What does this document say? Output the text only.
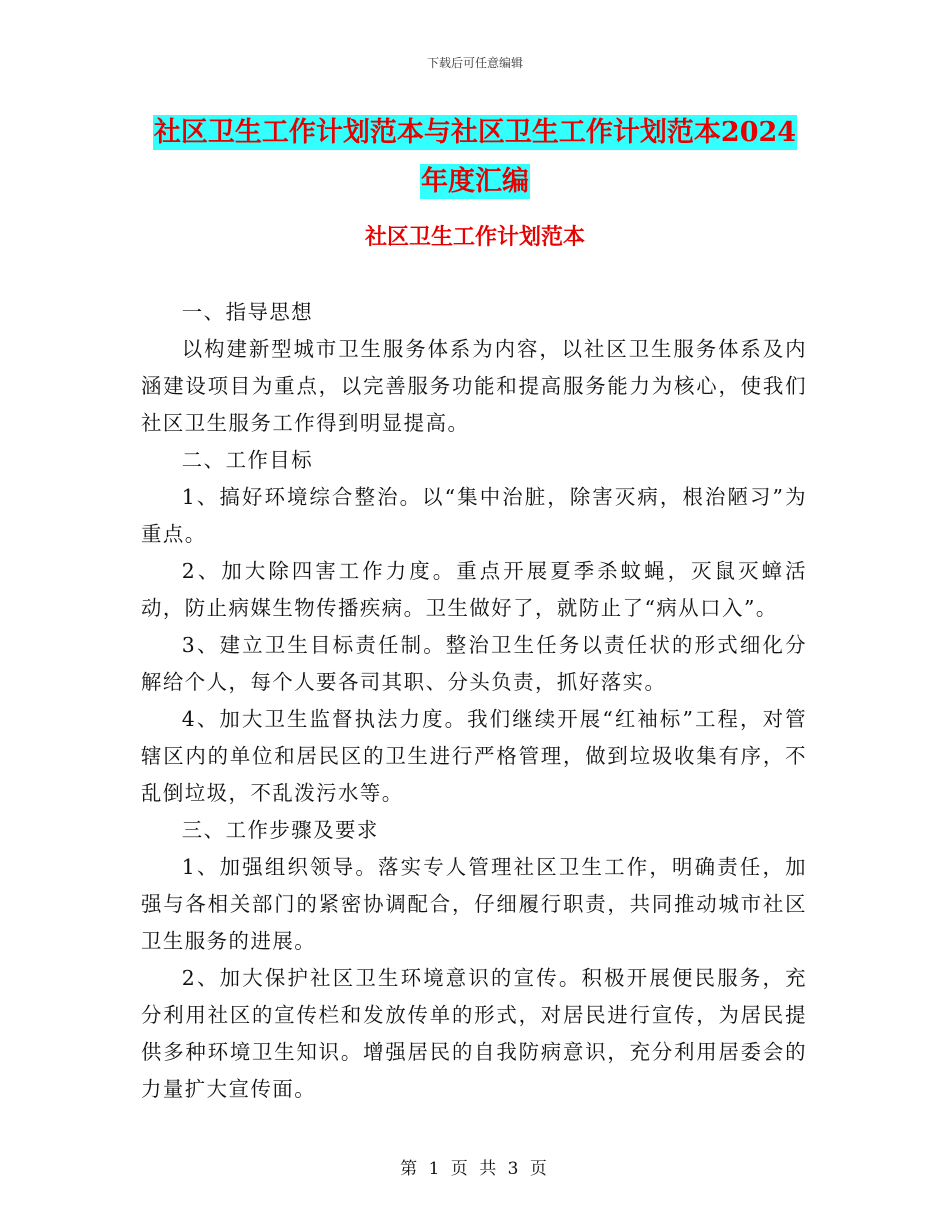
下载后可任意编辑
社区卫生工作计划范本与社区卫生工作计划范本2024
年度汇编
社区卫生工作计划范本

一、指导思想

以构建新型城市卫生服务体系为内容，以社区卫生服务体系及内涵建设项目为重点，以完善服务功能和提高服务能力为核心，使我们社区卫生服务工作得到明显提高。

二、工作目标

1、搞好环境综合整治。以“集中治脏，除害灭病，根治陋习”为重点。

2、加大除四害工作力度。重点开展夏季杀蚊蝇，灭鼠灭蟑活动，防止病媒生物传播疾病。卫生做好了，就防止了“病从口入”。

3、建立卫生目标责任制。整治卫生任务以责任状的形式细化分解给个人，每个人要各司其职、分头负责，抓好落实。

4、加大卫生监督执法力度。我们继续开展“红袖标”工程，对管辖区内的单位和居民区的卫生进行严格管理，做到垃圾收集有序，不乱倒垃圾，不乱泼污水等。

三、工作步骤及要求

1、加强组织领导。落实专人管理社区卫生工作，明确责任，加强与各相关部门的紧密协调配合，仔细履行职责，共同推动城市社区卫生服务的进展。

2、加大保护社区卫生环境意识的宣传。积极开展便民服务，充分利用社区的宣传栏和发放传单的形式，对居民进行宣传，为居民提供多种环境卫生知识。增强居民的自我防病意识，充分利用居委会的力量扩大宣传面。

第 1 页 共 3 页
